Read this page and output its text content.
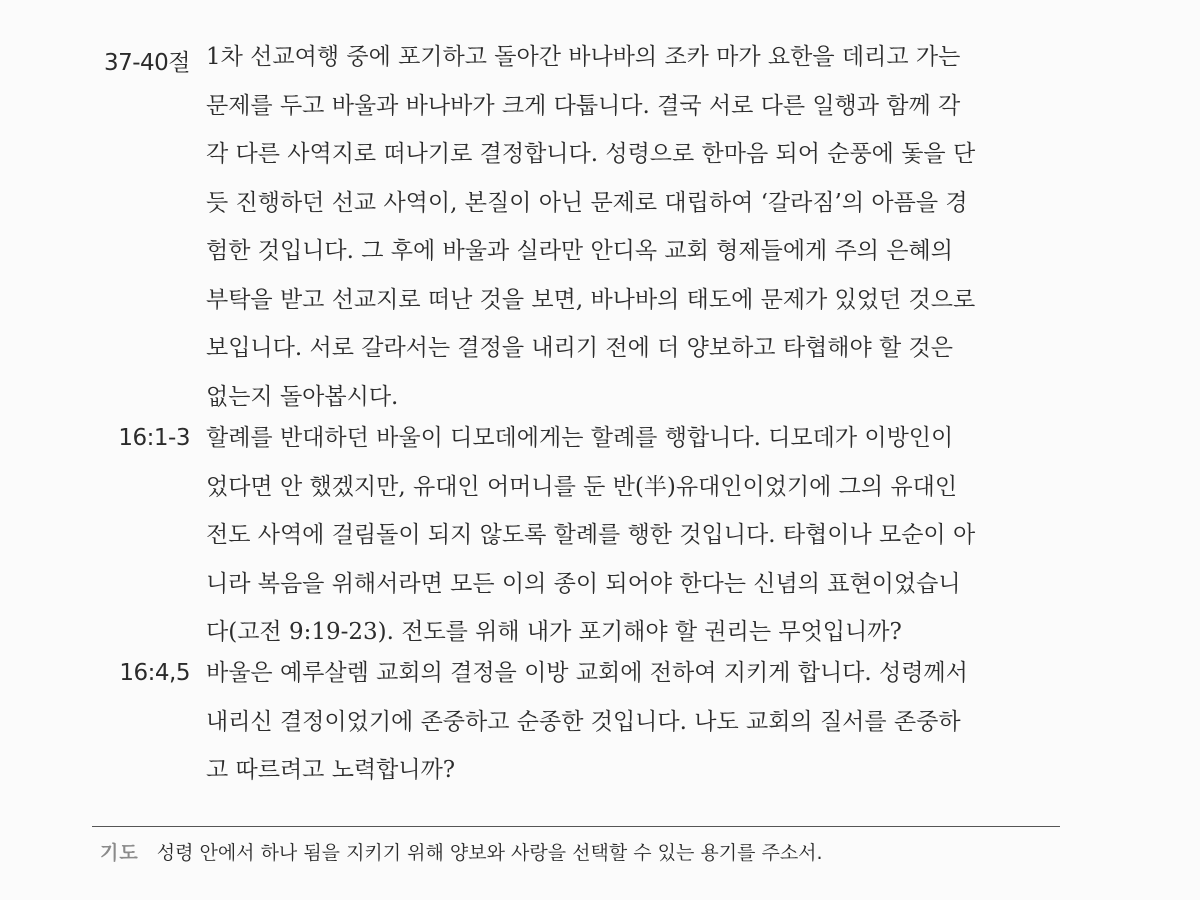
37-40절 1차 선교여행 중에 포기하고 돌아간 바나바의 조카 마가 요한을 데리고 가는
문제를 두고 바울과 바나바가 크게 다툽니다. 결국 서로 다른 일행과 함께 각
각 다른 사역지로 떠나기로 결정합니다. 성령으로 한마음 되어 순풍에 돛을 단
듯 진행하던 선교 사역이, 본질이 아닌 문제로 대립하여 ‘갈라짐’의 아픔을 경
험한 것입니다. 그 후에 바울과 실라만 안디옥 교회 형제들에게 주의 은혜의
부탁을 받고 선교지로 떠난 것을 보면, 바나바의 태도에 문제가 있었던 것으로
보입니다. 서로 갈라서는 결정을 내리기 전에 더 양보하고 타협해야 할 것은
없는지 돌아봅시다.
16:1-3 할례를 반대하던 바울이 디모데에게는 할례를 행합니다. 디모데가 이방인이
었다면 안 했겠지만, 유대인 어머니를 둔 반(半)유대인이었기에 그의 유대인
전도 사역에 걸림돌이 되지 않도록 할례를 행한 것입니다. 타협이나 모순이 아
니라 복음을 위해서라면 모든 이의 종이 되어야 한다는 신념의 표현이었습니
다(고전 9:19-23). 전도를 위해 내가 포기해야 할 권리는 무엇입니까?
16:4,5 바울은 예루살렘 교회의 결정을 이방 교회에 전하여 지키게 합니다. 성령께서
내리신 결정이었기에 존중하고 순종한 것입니다. 나도 교회의 질서를 존중하
고 따르려고 노력합니까?
기도 성령 안에서 하나 됨을 지키기 위해 양보와 사랑을 선택할 수 있는 용기를 주소서.
